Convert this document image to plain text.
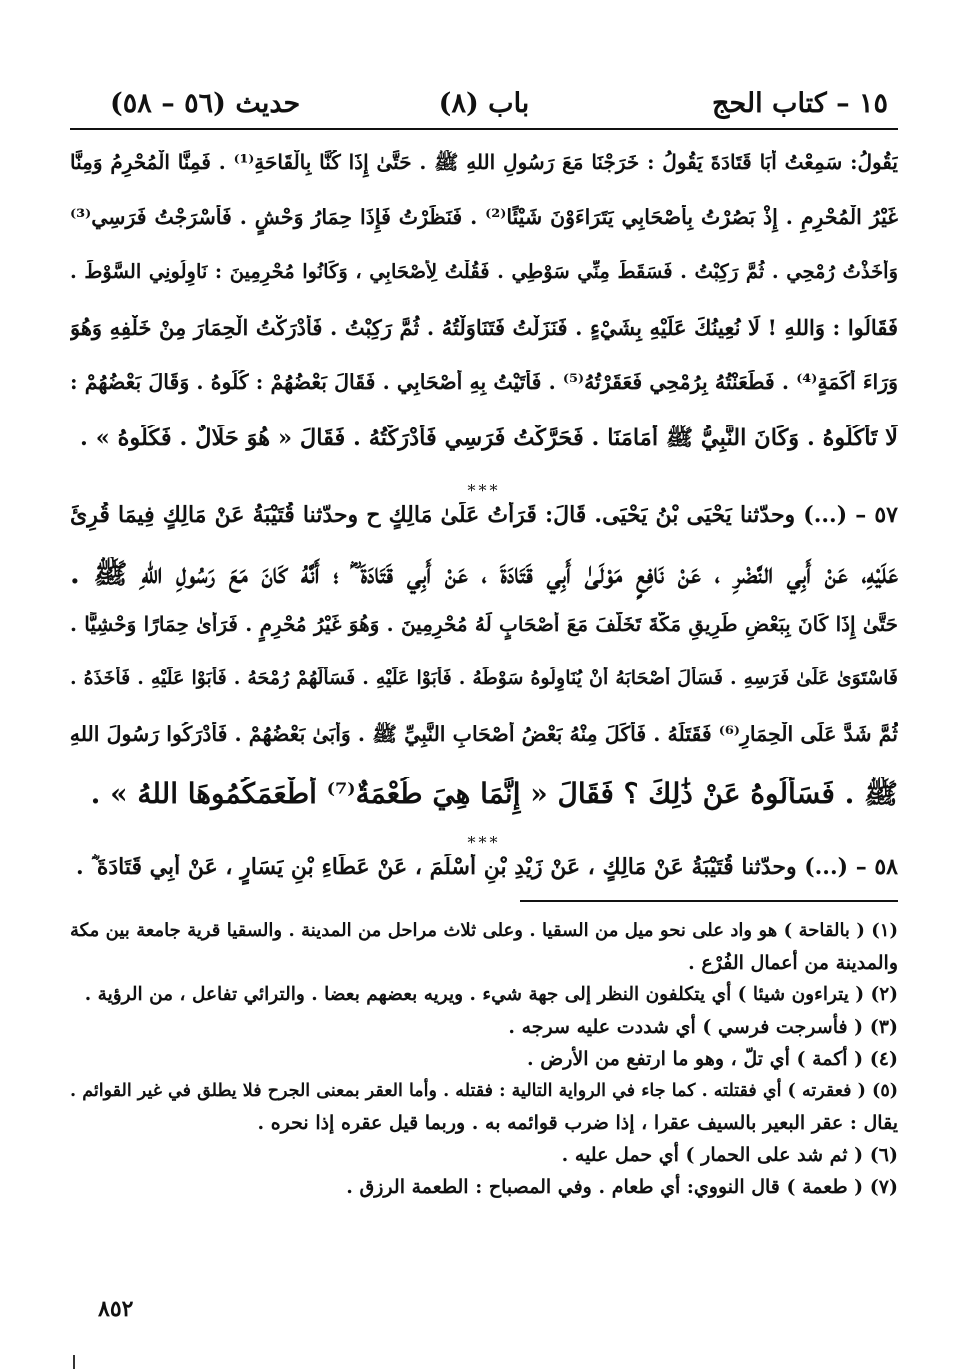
١٥ – كتاب الحج
(٨) باب
(٥٦ – ٥٨) حديث
يَقُولُ: سَمِعْتُ أَبَا قَتَادَةَ يَقُولُ : خَرَجْنَا مَعَ رَسُولِ اللهِ ﷺ . حَتَّىٰ إِذَا كُنَّا بِالْقَاحَةِ⁽¹⁾ . فَمِنَّا الْمُحْرِمُ وَمِنَّا
غَيْرُ الْمُحْرِمِ . إِذْ بَصُرْتُ بِأَصْحَابِي يَتَرَاءَوْنَ شَيْئًا⁽²⁾ . فَنَظَرْتُ فَإِذَا حِمَارُ وَحْشٍ . فَأَسْرَجْتُ فَرَسِي⁽³⁾
وَأَخَذْتُ رُمْحِي . ثُمَّ رَكِبْتُ . فَسَقَطَ مِنِّي سَوْطِي . فَقُلْتُ لِأَصْحَابِي ، وَكَانُوا مُحْرِمِينَ : نَاوِلُونِي السَّوْطَ .
فَقَالُوا : وَاللهِ ! لَا نُعِينُكَ عَلَيْهِ بِشَيْءٍ . فَنَزَلْتُ فَتَنَاوَلْتُهُ . ثُمَّ رَكِبْتُ . فَأَدْرَكْتُ الْحِمَارَ مِنْ خَلْفِهِ وَهُوَ
وَرَاءَ أَكَمَةٍ⁽⁴⁾ . فَطَعَنْتُهُ بِرُمْحِي فَعَقَرْتُهُ⁽⁵⁾ . فَأَتَيْتُ بِهِ أَصْحَابِي . فَقَالَ بَعْضُهُمْ : كُلُوهُ . وَقَالَ بَعْضُهُمْ :
لَا تَأْكُلُوهُ . وَكَانَ النَّبِيُّ ﷺ أَمَامَنَا . فَحَرَّكْتُ فَرَسِي فَأَدْرَكْتُهُ . فَقَالَ « هُوَ حَلَالٌ . فَكُلُوهُ » .
***
٥٧ – (...) وحدّثنا يَحْيَى بْنُ يَحْيَى. قَالَ: قَرَأْتُ عَلَىٰ مَالِكٍ ح وحدّثنا قُتَيْبَةُ عَنْ مَالِكٍ فِيمَا قُرِئَ
عَلَيْهِ، عَنْ أَبِي النَّضْرِ ، عَنْ نَافِعٍ مَوْلَىٰ أَبِي قَتَادَةَ ، عَنْ أَبِي قَتَادَةَ ؓ ؛ أَنَّهُ كَانَ مَعَ رَسُولِ اللهِ ﷺ .
حَتَّىٰ إِذَا كَانَ بِبَعْضِ طَرِيقِ مَكَّةَ تَخَلَّفَ مَعَ أَصْحَابٍ لَهُ مُحْرِمِينَ . وَهُوَ غَيْرُ مُحْرِمٍ . فَرَأَىٰ حِمَارًا وَحْشِيًّا .
فَاسْتَوَىٰ عَلَىٰ فَرَسِهِ . فَسَأَلَ أَصْحَابَهُ أَنْ يُنَاوِلُوهُ سَوْطَهُ . فَأَبَوْا عَلَيْهِ . فَسَأَلَهُمْ رُمْحَهُ . فَأَبَوْا عَلَيْهِ . فَأَخَذَهُ .
ثُمَّ شَدَّ عَلَى الْحِمَارِ⁽⁶⁾ فَقَتَلَهُ . فَأَكَلَ مِنْهُ بَعْضُ أَصْحَابِ النَّبِيِّ ﷺ . وَأَبَىٰ بَعْضُهُمْ . فَأَدْرَكُوا رَسُولَ اللهِ
ﷺ . فَسَأَلُوهُ عَنْ ذَٰلِكَ ؟ فَقَالَ « إِنَّمَا هِيَ طُعْمَةٌ⁽⁷⁾ أَطْعَمَكُمُوهَا اللهُ » .
***
٥٨ – (...) وحدّثنا قُتَيْبَةُ عَنْ مَالِكٍ ، عَنْ زَيْدِ بْنِ أَسْلَمَ ، عَنْ عَطَاءِ بْنِ يَسَارٍ ، عَنْ أَبِي قَتَادَةَ ؓ .
(١) ( بالقاحة ) هو واد على نحو ميل من السقيا . وعلى ثلاث مراحل من المدينة . والسقيا قرية جامعة بين مكة
والمدينة من أعمال الفُرْع .
(٢) ( يتراءون شيئا ) أي يتكلفون النظر إلى جهة شيء . ويريه بعضهم بعضا . والترائي تفاعل ، من الرؤية .
(٣) ( فأسرجت فرسي ) أي شددت عليه سرجه .
(٤) ( أكمة ) أي تلّ ، وهو ما ارتفع من الأرض .
(٥) ( فعقرته ) أي فقتلته . كما جاء في الرواية التالية : فقتله . وأما العقر بمعنى الجرح فلا يطلق في غير القوائم .
يقال : عقر البعير بالسيف عقرا ، إذا ضرب قوائمه به . وربما قيل عقره إذا نحره .
(٦) ( ثم شد على الحمار ) أي حمل عليه .
(٧) ( طعمة ) قال النووي: أي طعام . وفي المصباح : الطعمة الرزق .
٨٥٢
